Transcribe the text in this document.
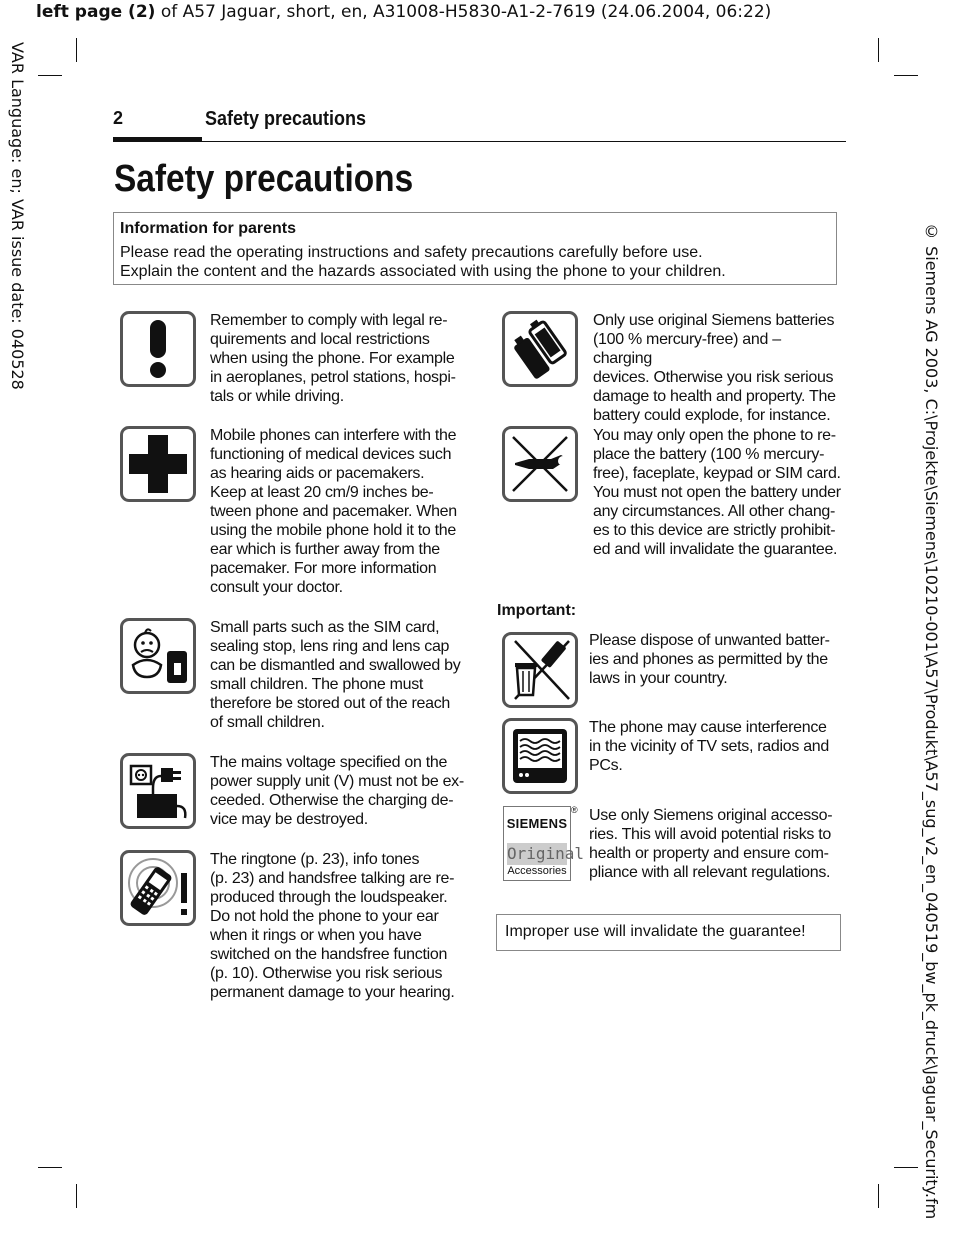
left page (2) of A57 Jaguar, short, en, A31008-H5830-A1-2-7619 (24.06.2004, 06:22)
VAR Language: en; VAR issue date: 040528
© Siemens AG 2003, C:\Projekte\Siemens\10210-001\A57\Produkt\A57_sug_v2_en_040519_bw_pk_druck\Jaguar_Security.fm
2	Safety precautions
Safety precautions
Information for parents
Please read the operating instructions and safety precautions carefully before use.
Explain the content and the hazards associated with using the phone to your children.
Remember to comply with legal re-
quirements and local restrictions
when using the phone. For example
in aeroplanes, petrol stations, hospi-
tals or while driving.
Mobile phones can interfere with the
functioning of medical devices such
as hearing aids or pacemakers.
Keep at least 20 cm/9 inches be-
tween phone and pacemaker. When
using the mobile phone hold it to the
ear which is further away from the
pacemaker. For more information
consult your doctor.
Small parts such as the SIM card,
sealing stop, lens ring and lens cap
can be dismantled and swallowed by
small children. The phone must
therefore be stored out of the reach
of small children.
The mains voltage specified on the
power supply unit (V) must not be ex-
ceeded. Otherwise the charging de-
vice may be destroyed.
The ringtone (p. 23), info tones
(p. 23) and handsfree talking are re-
produced through the loudspeaker.
Do not hold the phone to your ear
when it rings or when you have
switched on the handsfree function
(p. 10). Otherwise you risk serious
permanent damage to your hearing.
Only use original Siemens batteries
(100 % mercury-free) and – charging
devices. Otherwise you risk serious
damage to health and property. The
battery could explode, for instance.
You may only open the phone to re-
place the battery (100 % mercury-
free), faceplate, keypad or SIM card.
You must not open the battery under
any circumstances. All other chang-
es to this device are strictly prohibit-
ed and will invalidate the guarantee.
Important:
Please dispose of unwanted batter-
ies and phones as permitted by the
laws in your country.
The phone may cause interference
in the vicinity of TV sets, radios and
PCs.
SIEMENS
Original
Accessories
® Use only Siemens original accesso-
ries. This will avoid potential risks to
health or property and ensure com-
pliance with all relevant regulations.
Improper use will invalidate the guarantee!
